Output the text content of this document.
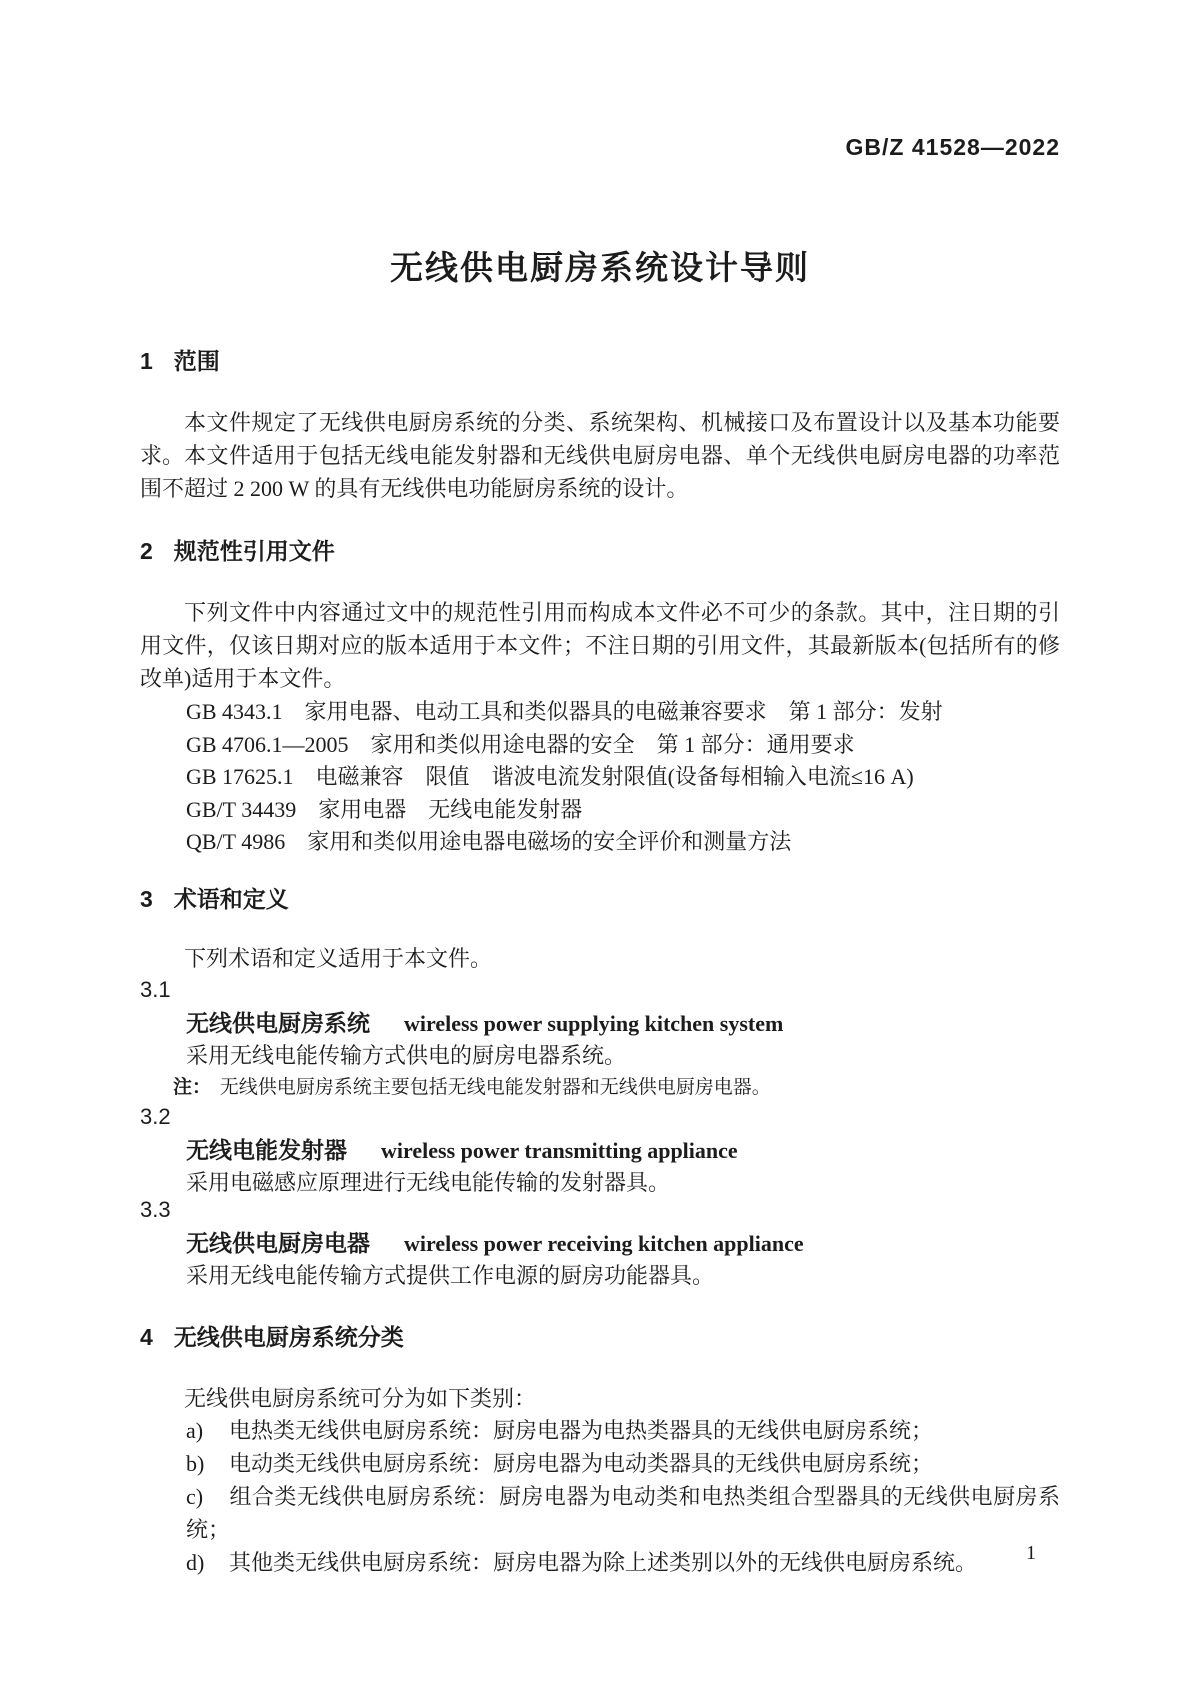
GB/Z 41528—2022
无线供电厨房系统设计导则
1 范围

本文件规定了无线供电厨房系统的分类、系统架构、机械接口及布置设计以及基本功能要求。 本文件适用于包括无线电能发射器和无线供电厨房电器、单个无线供电厨房电器的功率范围不超过 2 200 W 的具有无线供电功能厨房系统的设计。

2 规范性引用文件

下列文件中内容通过文中的规范性引用而构成本文件必不可少的条款。其中，注日期的引用文件，仅该日期对应的版本适用于本文件；不注日期的引用文件，其最新版本(包括所有的修改单)适用于本文件。

GB 4343.1　家用电器、电动工具和类似器具的电磁兼容要求　第 1 部分：发射

GB 4706.1—2005　家用和类似用途电器的安全　第 1 部分：通用要求

GB 17625.1　电磁兼容　限值　谐波电流发射限值(设备每相输入电流≤16 A)

GB/T 34439　家用电器　无线电能发射器

QB/T 4986　家用和类似用途电器电磁场的安全评价和测量方法

3 术语和定义

下列术语和定义适用于本文件。

3.1
无线供电厨房系统 wireless power supplying kitchen system

采用无线电能传输方式供电的厨房电器系统。

注： 无线供电厨房系统主要包括无线电能发射器和无线供电厨房电器。
3.2
无线电能发射器 wireless power transmitting appliance

采用电磁感应原理进行无线电能传输的发射器具。

3.3
无线供电厨房电器 wireless power receiving kitchen appliance

采用无线电能传输方式提供工作电源的厨房功能器具。

4 无线供电厨房系统分类

无线供电厨房系统可分为如下类别：

a) 电热类无线供电厨房系统：厨房电器为电热类器具的无线供电厨房系统；

b) 电动类无线供电厨房系统：厨房电器为电动类器具的无线供电厨房系统；

c) 组合类无线供电厨房系统：厨房电器为电动类和电热类组合型器具的无线供电厨房系统；

d) 其他类无线供电厨房系统：厨房电器为除上述类别以外的无线供电厨房系统。	1
